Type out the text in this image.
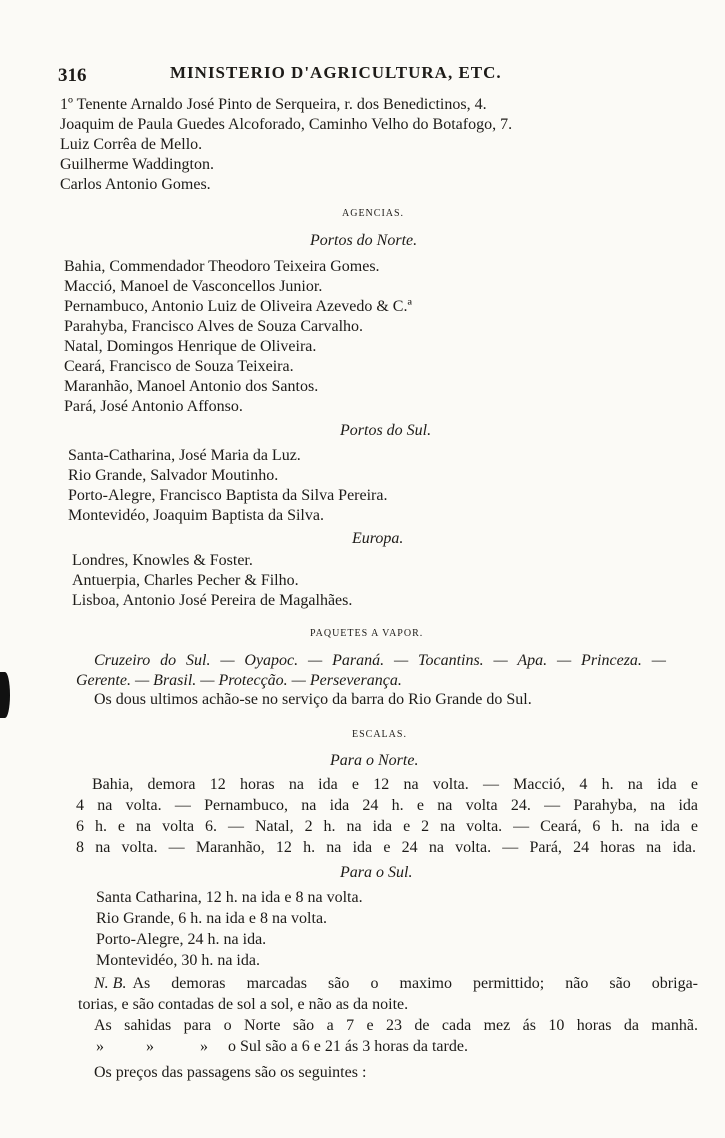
316	MINISTERIO D'AGRICULTURA, ETC.
1º Tenente Arnaldo José Pinto de Serqueira, r. dos Benedictinos, 4.
Joaquim de Paula Guedes Alcoforado, Caminho Velho do Botafogo, 7.
Luiz Corrêa de Mello.
Guilherme Waddington.
Carlos Antonio Gomes.
AGENCIAS.
Portos do Norte.
Bahia, Commendador Theodoro Teixeira Gomes.
Macció, Manoel de Vasconcellos Junior.
Pernambuco, Antonio Luiz de Oliveira Azevedo & C.ª
Parahyba, Francisco Alves de Souza Carvalho.
Natal, Domingos Henrique de Oliveira.
Ceará, Francisco de Souza Teixeira.
Maranhão, Manoel Antonio dos Santos.
Pará, José Antonio Affonso.
Portos do Sul.
Santa-Catharina, José Maria da Luz.
Rio Grande, Salvador Moutinho.
Porto-Alegre, Francisco Baptista da Silva Pereira.
Montevidéo, Joaquim Baptista da Silva.
Europa.
Londres, Knowles & Foster.
Antuerpia, Charles Pecher & Filho.
Lisboa, Antonio José Pereira de Magalhães.
PAQUETES A VAPOR.
Cruzeiro do Sul. — Oyapoc. — Paraná. — Tocantins. — Apa. — Princeza. —
Gerente. — Brasil. — Protecção. — Perseverança.
Os dous ultimos achão-se no serviço da barra do Rio Grande do Sul.
ESCALAS.
Para o Norte.
Bahia, demora 12 horas na ida e 12 na volta. — Macció, 4 h. na ida e
4 na volta. — Pernambuco, na ida 24 h. e na volta 24. — Parahyba, na ida
6 h. e na volta 6. — Natal, 2 h. na ida e 2 na volta. — Ceará, 6 h. na ida e
8 na volta. — Maranhão, 12 h. na ida e 24 na volta. — Pará, 24 horas na ida.
Para o Sul.
Santa Catharina, 12 h. na ida e 8 na volta.
Rio Grande, 6 h. na ida e 8 na volta.
Porto-Alegre, 24 h. na ida.
Montevidéo, 30 h. na ida.
N. B. As demoras marcadas são o maximo permittido; não são obriga-
torias, e são contadas de sol a sol, e não as da noite.
As sahidas para o Norte são a 7 e 23 de cada mez ás 10 horas da manhã.
»	»	» o Sul são a 6 e 21 ás 3 horas da tarde.
Os preços das passagens são os seguintes :
